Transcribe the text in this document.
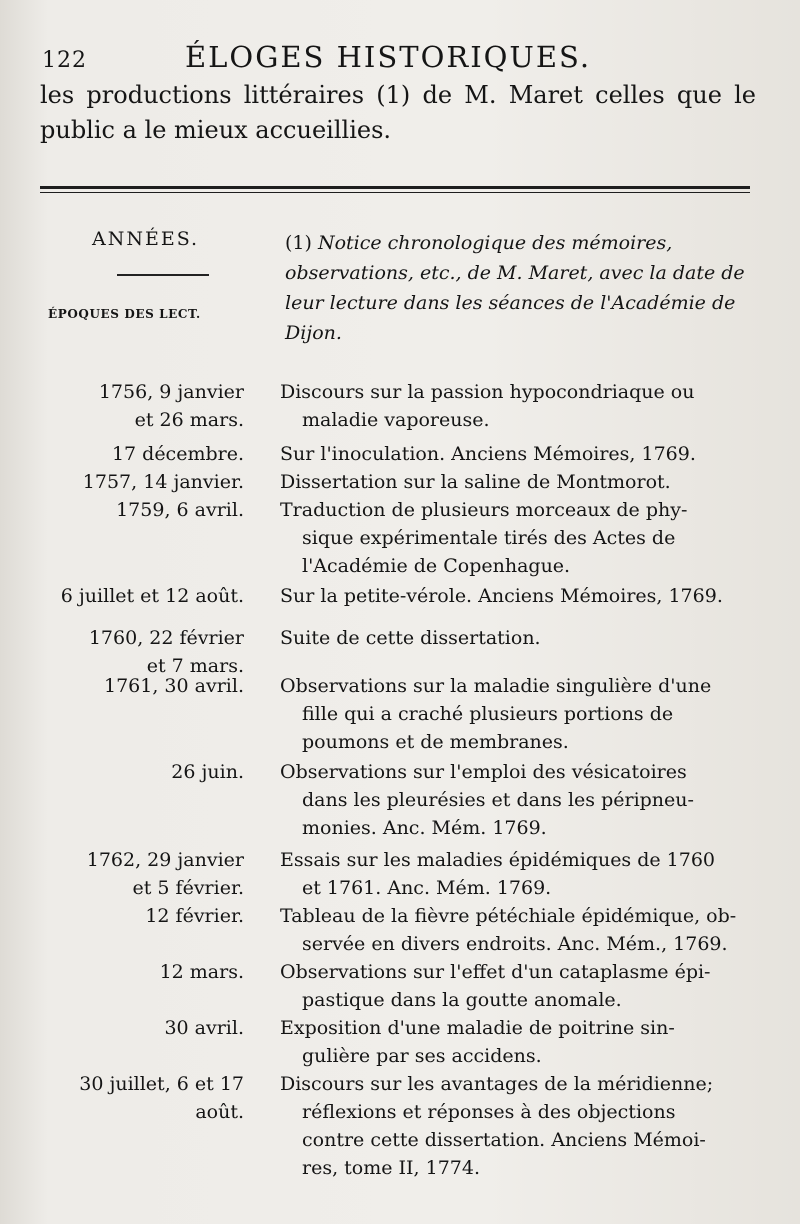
122	ÉLOGES HISTORIQUES.
les productions littéraires (1) de M. Maret celles que le public a le mieux accueillies.
ANNÉES.
ÉPOQUES DES LECT.
(1) Notice chronologique des mémoires, observations, etc., de M. Maret, avec la date de leur lecture dans les séances de l'Académie de Dijon.
1756, 9 janvier
et 26 mars.
Discours sur la passion hypocondriaque ou
maladie vaporeuse.
17 décembre. Sur l'inoculation. Anciens Mémoires, 1769.
1757, 14 janvier. Dissertation sur la saline de Montmorot.
1759, 6 avril. Traduction de plusieurs morceaux de phy-
sique expérimentale tirés des Actes de
l'Académie de Copenhague.
6 juillet et 12 août. Sur la petite-vérole. Anciens Mémoires, 1769.
1760, 22 février
et 7 mars.
Suite de cette dissertation.
1761, 30 avril. Observations sur la maladie singulière d'une
fille qui a craché plusieurs portions de
poumons et de membranes.
26 juin. Observations sur l'emploi des vésicatoires
dans les pleurésies et dans les péripneu-
monies. Anc. Mém. 1769.
1762, 29 janvier
et 5 février.
Essais sur les maladies épidémiques de 1760
et 1761. Anc. Mém. 1769.
12 février. Tableau de la fièvre pétéchiale épidémique, ob-
servée en divers endroits. Anc. Mém., 1769.
12 mars. Observations sur l'effet d'un cataplasme épi-
pastique dans la goutte anomale.
30 avril. Exposition d'une maladie de poitrine sin-
gulière par ses accidens.
30 juillet, 6 et 17
août.
Discours sur les avantages de la méridienne;
réflexions et réponses à des objections
contre cette dissertation. Anciens Mémoi-
res, tome II, 1774.
